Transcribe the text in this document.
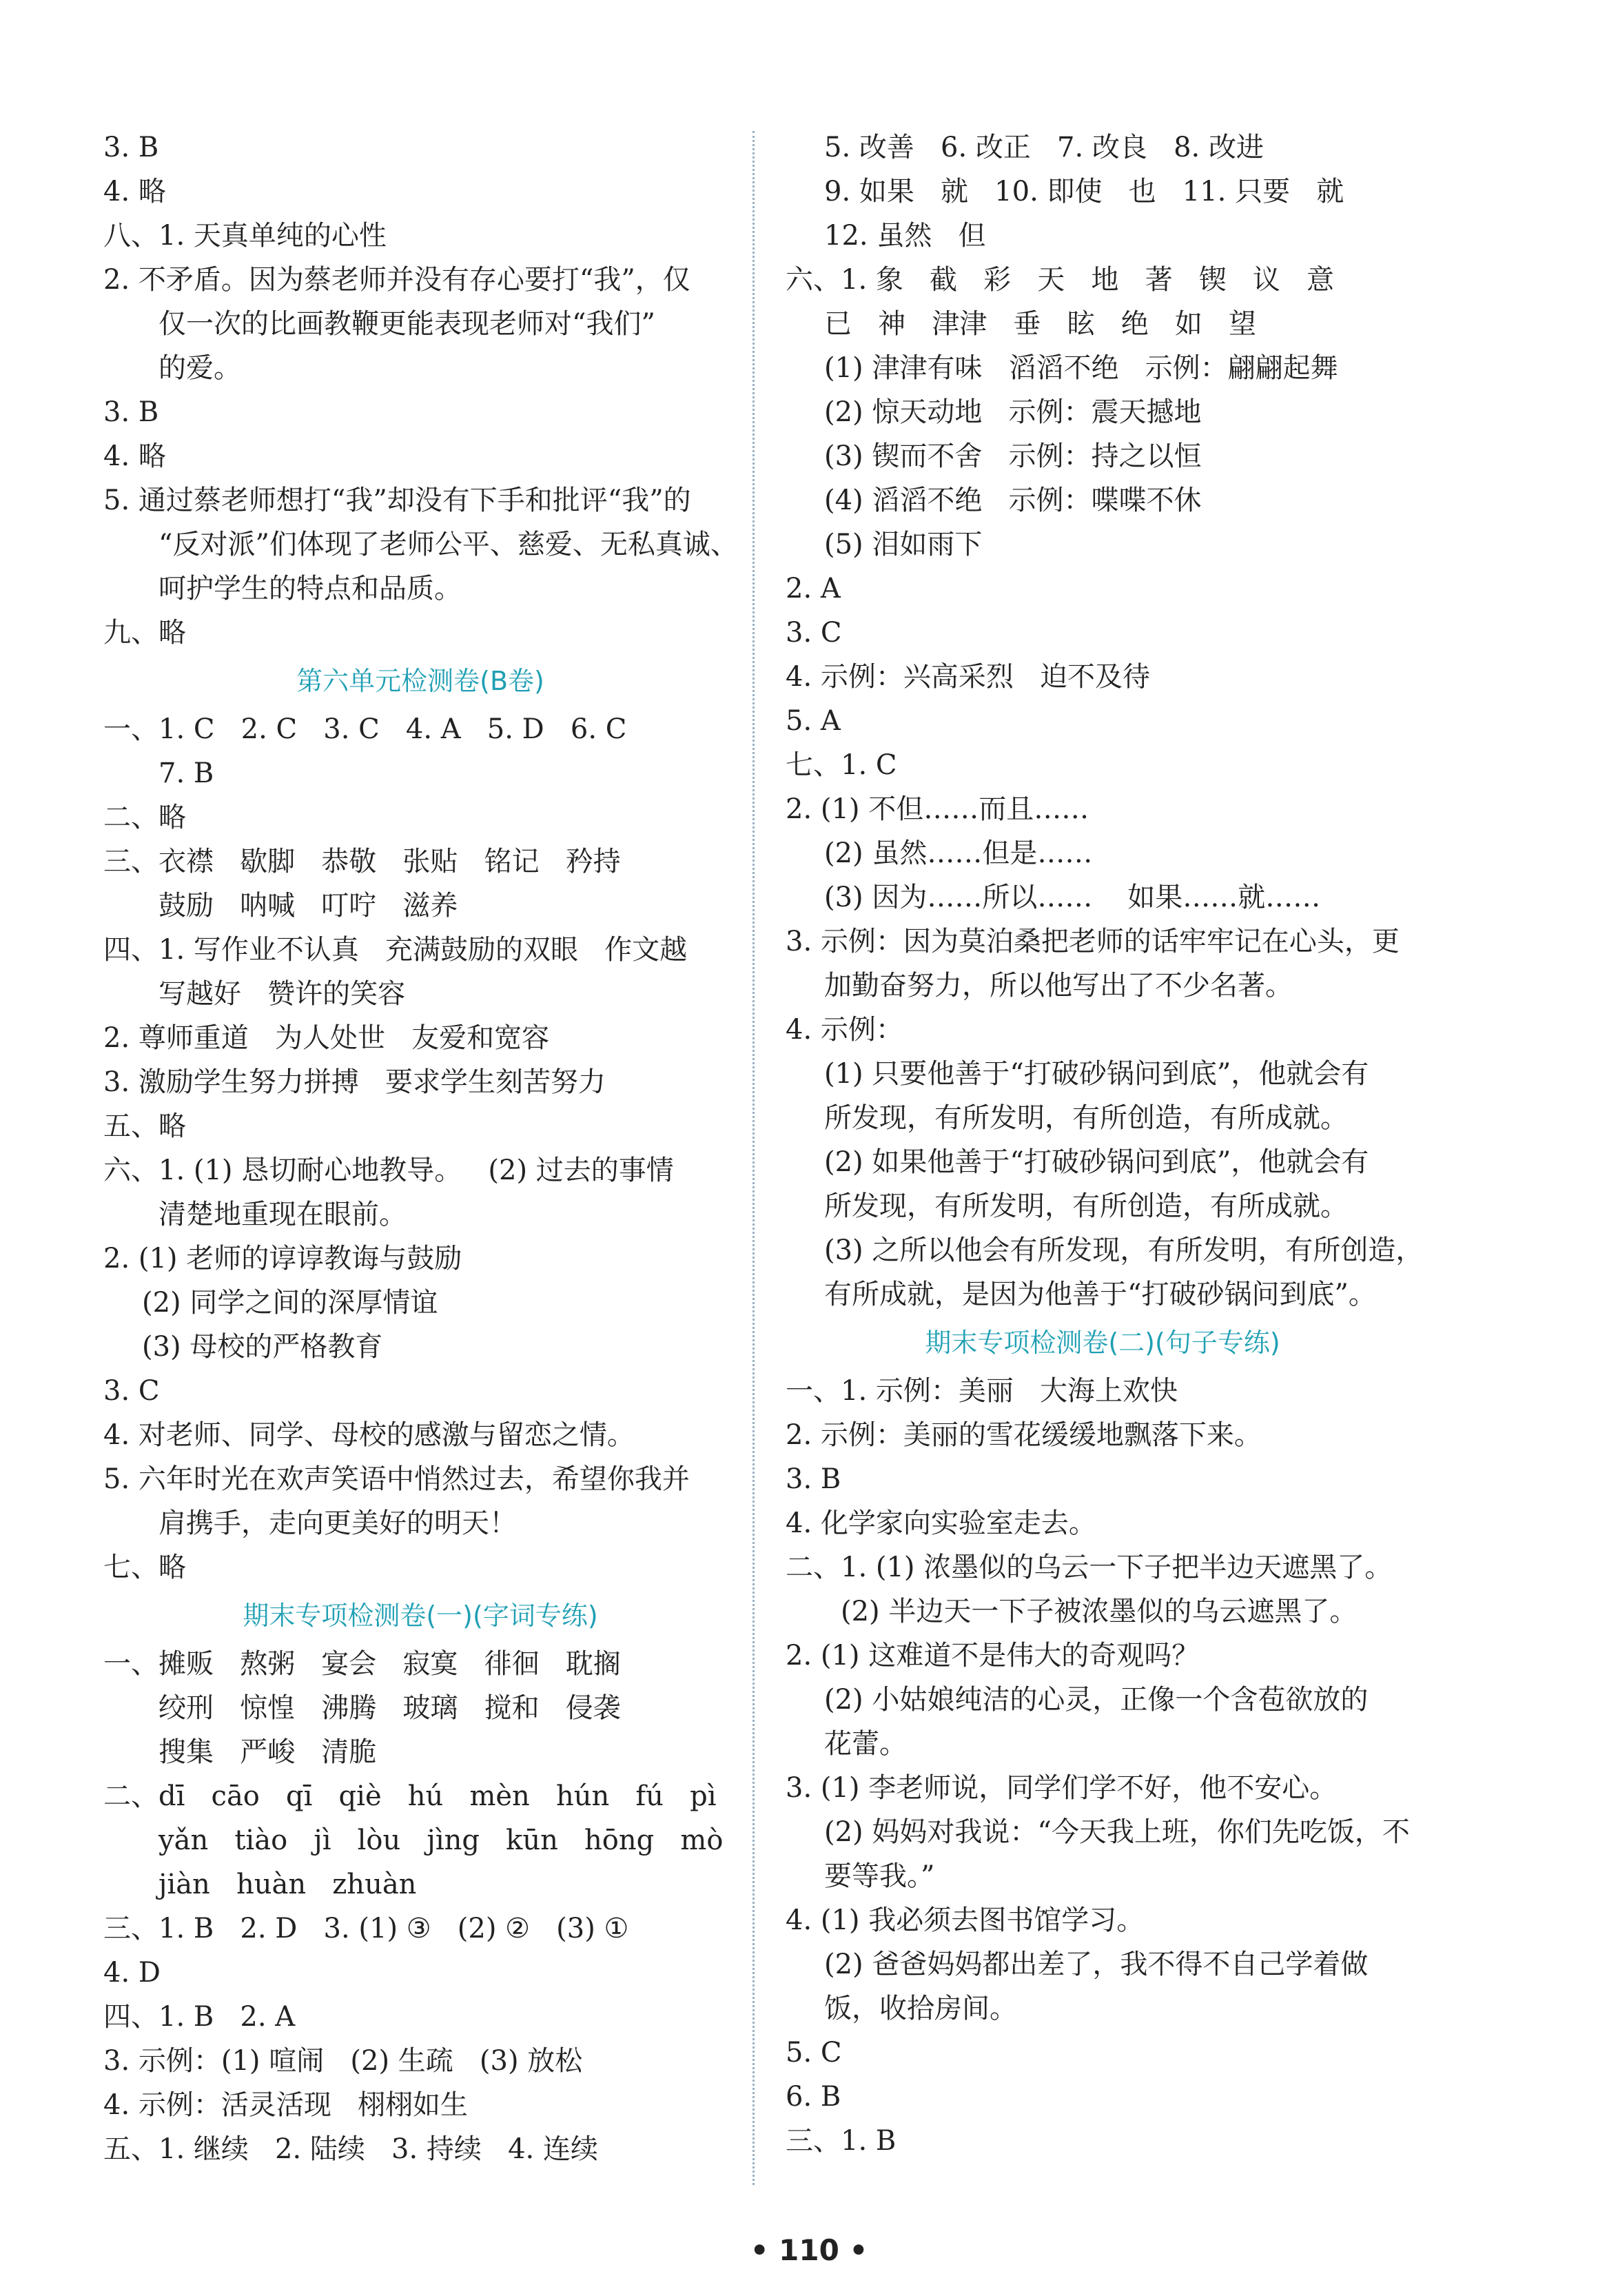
3. B
4. 略
八、1. 天真单纯的心性
2. 不矛盾。因为蔡老师并没有存心要打“我”，仅
仅一次的比画教鞭更能表现老师对“我们”
的爱。
3. B
4. 略
5. 通过蔡老师想打“我”却没有下手和批评“我”的
“反对派”们体现了老师公平、慈爱、无私真诚、
呵护学生的特点和品质。
九、略
第六单元检测卷(B卷)
一、1. C   2. C   3. C   4. A   5. D   6. C
7. B
二、略
三、衣襟   歇脚   恭敬   张贴   铭记   矜持
鼓励   呐喊   叮咛   滋养
四、1. 写作业不认真   充满鼓励的双眼   作文越
写越好   赞许的笑容
2. 尊师重道   为人处世   友爱和宽容
3. 激励学生努力拼搏   要求学生刻苦努力
五、略
六、1. (1) 恳切耐心地教导。   (2) 过去的事情
清楚地重现在眼前。
2. (1) 老师的谆谆教诲与鼓励
(2) 同学之间的深厚情谊
(3) 母校的严格教育
3. C
4. 对老师、同学、母校的感激与留恋之情。
5. 六年时光在欢声笑语中悄然过去，希望你我并
肩携手，走向更美好的明天！
七、略
期末专项检测卷(一)(字词专练)
一、摊贩   熬粥   宴会   寂寞   徘徊   耽搁
绞刑   惊惶   沸腾   玻璃   搅和   侵袭
搜集   严峻   清脆
二、dī   cāo   qī   qiè   hú   mèn   hún   fú   pì
yǎn   tiào   jì   lòu   jìng   kūn   hōng   mò
jiàn   huàn   zhuàn
三、1. B   2. D   3. (1) ③   (2) ②   (3) ①
4. D
四、1. B   2. A
3. 示例：(1) 喧闹   (2) 生疏   (3) 放松
4. 示例：活灵活现   栩栩如生
五、1. 继续   2. 陆续   3. 持续   4. 连续
5. 改善   6. 改正   7. 改良   8. 改进
9. 如果   就   10. 即使   也   11. 只要   就
12. 虽然   但
六、1. 象   截   彩   天   地   著   锲   议   意
已   神   津津   垂   眩   绝   如   望
(1) 津津有味   滔滔不绝   示例：翩翩起舞
(2) 惊天动地   示例：震天撼地
(3) 锲而不舍   示例：持之以恒
(4) 滔滔不绝   示例：喋喋不休
(5) 泪如雨下
2. A
3. C
4. 示例：兴高采烈   迫不及待
5. A
七、1. C
2. (1) 不但……而且……
(2) 虽然……但是……
(3) 因为……所以……    如果……就……
3. 示例：因为莫泊桑把老师的话牢牢记在心头，更
加勤奋努力，所以他写出了不少名著。
4. 示例：
(1) 只要他善于“打破砂锅问到底”，他就会有
所发现，有所发明，有所创造，有所成就。
(2) 如果他善于“打破砂锅问到底”，他就会有
所发现，有所发明，有所创造，有所成就。
(3) 之所以他会有所发现，有所发明，有所创造，
有所成就，是因为他善于“打破砂锅问到底”。
期末专项检测卷(二)(句子专练)
一、1. 示例：美丽   大海上欢快
2. 示例：美丽的雪花缓缓地飘落下来。
3. B
4. 化学家向实验室走去。
二、1. (1) 浓墨似的乌云一下子把半边天遮黑了。
(2) 半边天一下子被浓墨似的乌云遮黑了。
2. (1) 这难道不是伟大的奇观吗？
(2) 小姑娘纯洁的心灵，正像一个含苞欲放的
花蕾。
3. (1) 李老师说，同学们学不好，他不安心。
(2) 妈妈对我说：“今天我上班，你们先吃饭，不
要等我。”
4. (1) 我必须去图书馆学习。
(2) 爸爸妈妈都出差了，我不得不自己学着做
饭，收拾房间。
5. C
6. B
三、1. B
• 110 •
